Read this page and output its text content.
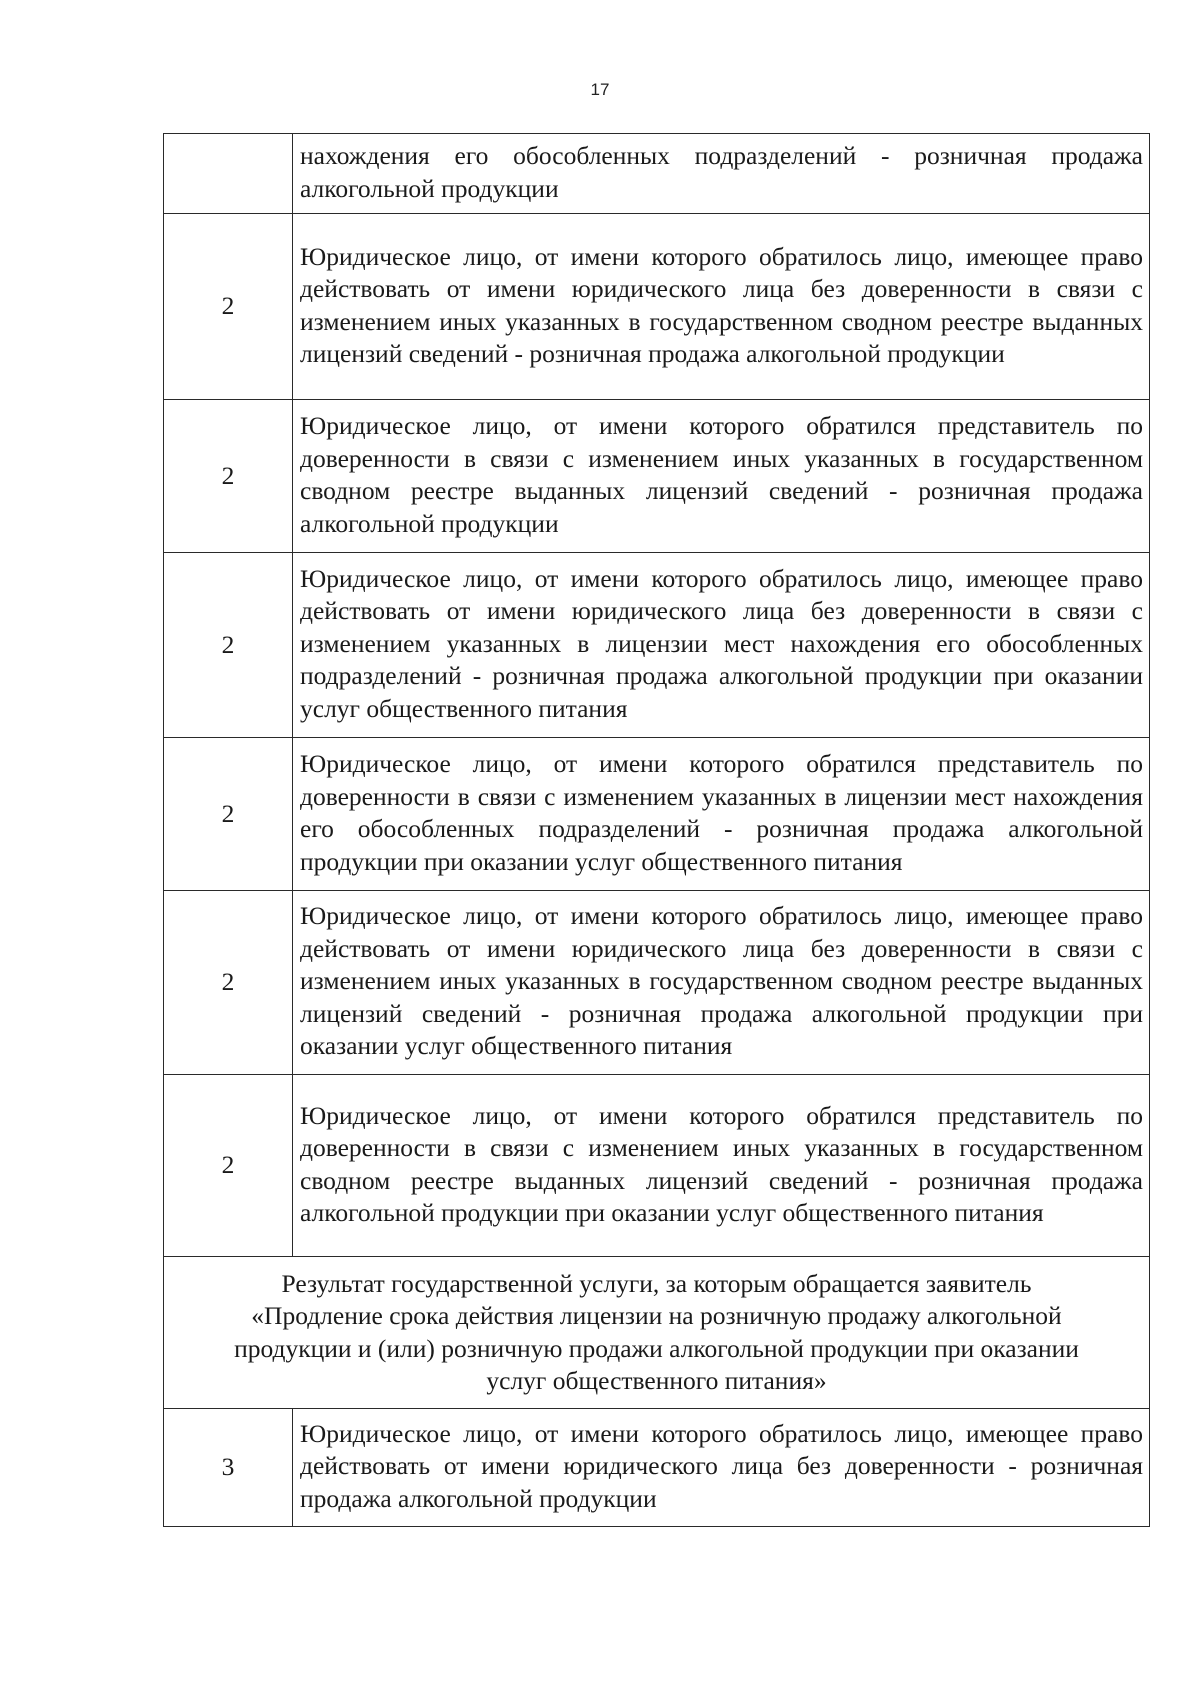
17
	нахождения его обособленных подразделений - розничная продажа алкогольной продукции
2	Юридическое лицо, от имени которого обратилось лицо, имеющее право действовать от имени юридического лица без доверенности в связи с изменением иных указанных в государственном сводном реестре выданных лицензий сведений - розничная продажа алкогольной продукции
2	Юридическое лицо, от имени которого обратился представитель по доверенности в связи с изменением иных указанных в государственном сводном реестре выданных лицензий сведений - розничная продажа алкогольной продукции
2	Юридическое лицо, от имени которого обратилось лицо, имеющее право действовать от имени юридического лица без доверенности в связи с изменением указанных в лицензии мест нахождения его обособленных подразделений - розничная продажа алкогольной продукции при оказании услуг общественного питания
2	Юридическое лицо, от имени которого обратился представитель по доверенности в связи с изменением указанных в лицензии мест нахождения его обособленных подразделений - розничная продажа алкогольной продукции при оказании услуг общественного питания
2	Юридическое лицо, от имени которого обратилось лицо, имеющее право действовать от имени юридического лица без доверенности в связи с изменением иных указанных в государственном сводном реестре выданных лицензий сведений - розничная продажа алкогольной продукции при оказании услуг общественного питания
2	Юридическое лицо, от имени которого обратился представитель по доверенности в связи с изменением иных указанных в государственном сводном реестре выданных лицензий сведений - розничная продажа алкогольной продукции при оказании услуг общественного питания
Результат государственной услуги, за которым обращается заявитель
«Продление срока действия лицензии на розничную продажу алкогольной
продукции и (или) розничную продажи алкогольной продукции при оказании
услуг общественного питания»	
3	Юридическое лицо, от имени которого обратилось лицо, имеющее право действовать от имени юридического лица без доверенности - розничная продажа алкогольной продукции
